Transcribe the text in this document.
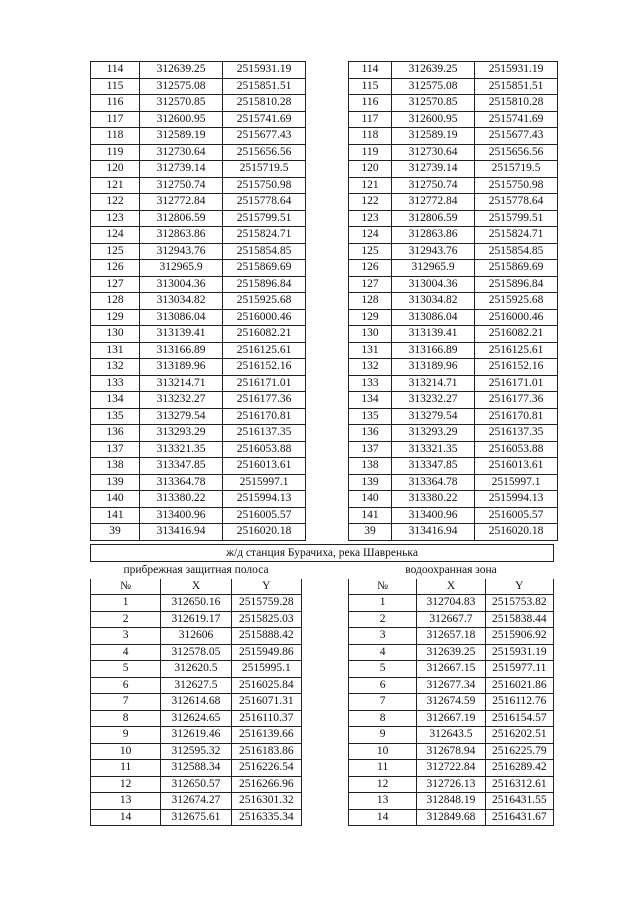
114	312639.25	2515931.19
115	312575.08	2515851.51
116	312570.85	2515810.28
117	312600.95	2515741.69
118	312589.19	2515677.43
119	312730.64	2515656.56
120	312739.14	2515719.5
121	312750.74	2515750.98
122	312772.84	2515778.64
123	312806.59	2515799.51
124	312863.86	2515824.71
125	312943.76	2515854.85
126	312965.9	2515869.69
127	313004.36	2515896.84
128	313034.82	2515925.68
129	313086.04	2516000.46
130	313139.41	2516082.21
131	313166.89	2516125.61
132	313189.96	2516152.16
133	313214.71	2516171.01
134	313232.27	2516177.36
135	313279.54	2516170.81
136	313293.29	2516137.35
137	313321.35	2516053.88
138	313347.85	2516013.61
139	313364.78	2515997.1
140	313380.22	2515994.13
141	313400.96	2516005.57
39	313416.94	2516020.18
114	312639.25	2515931.19
115	312575.08	2515851.51
116	312570.85	2515810.28
117	312600.95	2515741.69
118	312589.19	2515677.43
119	312730.64	2515656.56
120	312739.14	2515719.5
121	312750.74	2515750.98
122	312772.84	2515778.64
123	312806.59	2515799.51
124	312863.86	2515824.71
125	312943.76	2515854.85
126	312965.9	2515869.69
127	313004.36	2515896.84
128	313034.82	2515925.68
129	313086.04	2516000.46
130	313139.41	2516082.21
131	313166.89	2516125.61
132	313189.96	2516152.16
133	313214.71	2516171.01
134	313232.27	2516177.36
135	313279.54	2516170.81
136	313293.29	2516137.35
137	313321.35	2516053.88
138	313347.85	2516013.61
139	313364.78	2515997.1
140	313380.22	2515994.13
141	313400.96	2516005.57
39	313416.94	2516020.18
ж/д станция Бурачиха, река Шавренька
прибрежная защитная полоса		
№	X	Y
1	312650.16	2515759.28
2	312619.17	2515825.03
3	312606	2515888.42
4	312578.05	2515949.86
5	312620.5	2515995.1
6	312627.5	2516025.84
7	312614.68	2516071.31
8	312624.65	2516110.37
9	312619.46	2516139.66
10	312595.32	2516183.86
11	312588.34	2516226.54
12	312650.57	2516266.96
13	312674.27	2516301.32
14	312675.61	2516335.34
водоохранная зона		
№	X	Y
1	312704.83	2515753.82
2	312667.7	2515838.44
3	312657.18	2515906.92
4	312639.25	2515931.19
5	312667.15	2515977.11
6	312677.34	2516021.86
7	312674.59	2516112.76
8	312667.19	2516154.57
9	312643.5	2516202.51
10	312678.94	2516225.79
11	312722.84	2516289.42
12	312726.13	2516312.61
13	312848.19	2516431.55
14	312849.68	2516431.67
